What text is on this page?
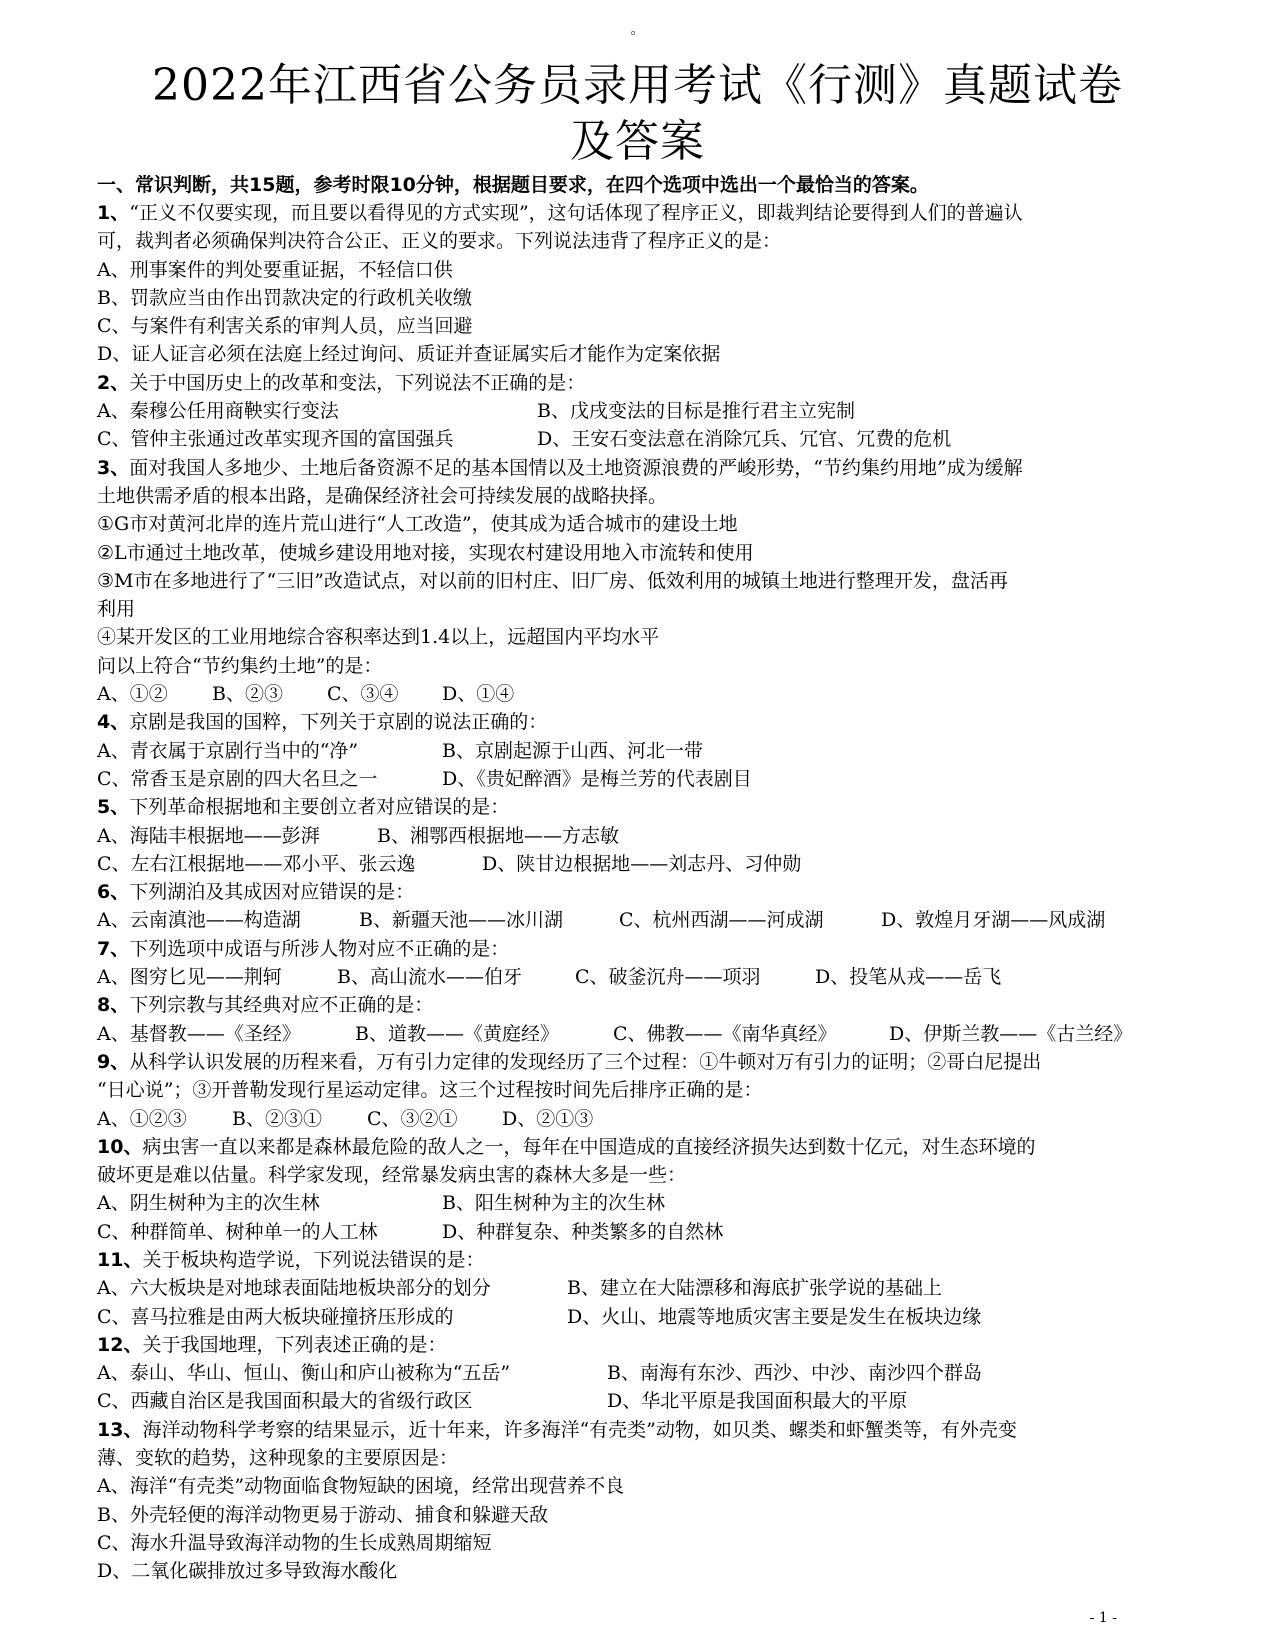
。
2022年江西省公务员录用考试《行测》真题试卷
及答案

一、常识判断，共15题，参考时限10分钟，根据题目要求，在四个选项中选出一个最恰当的答案。

1、“正义不仅要实现，而且要以看得见的方式实现”，这句话体现了程序正义，即裁判结论要得到人们的普遍认

可，裁判者必须确保判决符合公正、正义的要求。下列说法违背了程序正义的是：

A、刑事案件的判处要重证据，不轻信口供

B、罚款应当由作出罚款决定的行政机关收缴

C、与案件有利害关系的审判人员，应当回避

D、证人证言必须在法庭上经过询问、质证并查证属实后才能作为定案依据

2、关于中国历史上的改革和变法，下列说法不正确的是：

A、秦穆公任用商鞅实行变法	B、戊戌变法的目标是推行君主立宪制

C、管仲主张通过改革实现齐国的富国强兵	D、王安石变法意在消除冗兵、冗官、冗费的危机

3、面对我国人多地少、土地后备资源不足的基本国情以及土地资源浪费的严峻形势，“节约集约用地”成为缓解

土地供需矛盾的根本出路，是确保经济社会可持续发展的战略抉择。

①G市对黄河北岸的连片荒山进行“人工改造”，使其成为适合城市的建设土地

②L市通过土地改革，使城乡建设用地对接，实现农村建设用地入市流转和使用

③M市在多地进行了“三旧”改造试点，对以前的旧村庄、旧厂房、低效利用的城镇土地进行整理开发，盘活再

利用

④某开发区的工业用地综合容积率达到1.4以上，远超国内平均水平

问以上符合“节约集约土地”的是：

A、①② B、②③ C、③④ D、①④

4、京剧是我国的国粹，下列关于京剧的说法正确的：

A、青衣属于京剧行当中的“净”	B、京剧起源于山西、河北一带

C、常香玉是京剧的四大名旦之一	D、《贵妃醉酒》是梅兰芳的代表剧目

5、下列革命根据地和主要创立者对应错误的是：

A、海陆丰根据地——彭湃	B、湘鄂西根据地——方志敏

C、左右江根据地——邓小平、张云逸	D、陕甘边根据地——刘志丹、习仲勋

6、下列湖泊及其成因对应错误的是：

A、云南滇池——构造湖	B、新疆天池——冰川湖	C、杭州西湖——河成湖	D、敦煌月牙湖——风成湖

7、下列选项中成语与所涉人物对应不正确的是：

A、图穷匕见——荆轲	B、高山流水——伯牙	C、破釜沉舟——项羽	D、投笔从戎——岳飞

8、下列宗教与其经典对应不正确的是：

A、基督教——《圣经》	B、道教——《黄庭经》	C、佛教——《南华真经》	D、伊斯兰教——《古兰经》

9、从科学认识发展的历程来看，万有引力定律的发现经历了三个过程：①牛顿对万有引力的证明；②哥白尼提出

“日心说”；③开普勒发现行星运动定律。这三个过程按时间先后排序正确的是：

A、①②③ B、②③① C、③②① D、②①③

10、病虫害一直以来都是森林最危险的敌人之一，每年在中国造成的直接经济损失达到数十亿元，对生态环境的

破坏更是难以估量。科学家发现，经常暴发病虫害的森林大多是一些：

A、阴生树种为主的次生林	B、阳生树种为主的次生林

C、种群简单、树种单一的人工林	D、种群复杂、种类繁多的自然林

11、关于板块构造学说，下列说法错误的是：

A、六大板块是对地球表面陆地板块部分的划分	B、建立在大陆漂移和海底扩张学说的基础上

C、喜马拉雅是由两大板块碰撞挤压形成的	D、火山、地震等地质灾害主要是发生在板块边缘

12、关于我国地理，下列表述正确的是：

A、泰山、华山、恒山、衡山和庐山被称为“五岳”	B、南海有东沙、西沙、中沙、南沙四个群岛

C、西藏自治区是我国面积最大的省级行政区	D、华北平原是我国面积最大的平原

13、海洋动物科学考察的结果显示，近十年来，许多海洋“有壳类”动物，如贝类、螺类和虾蟹类等，有外壳变

薄、变软的趋势，这种现象的主要原因是：

A、海洋“有壳类”动物面临食物短缺的困境，经常出现营养不良

B、外壳轻便的海洋动物更易于游动、捕食和躲避天敌

C、海水升温导致海洋动物的生长成熟周期缩短

D、二氧化碳排放过多导致海水酸化

- 1 -
